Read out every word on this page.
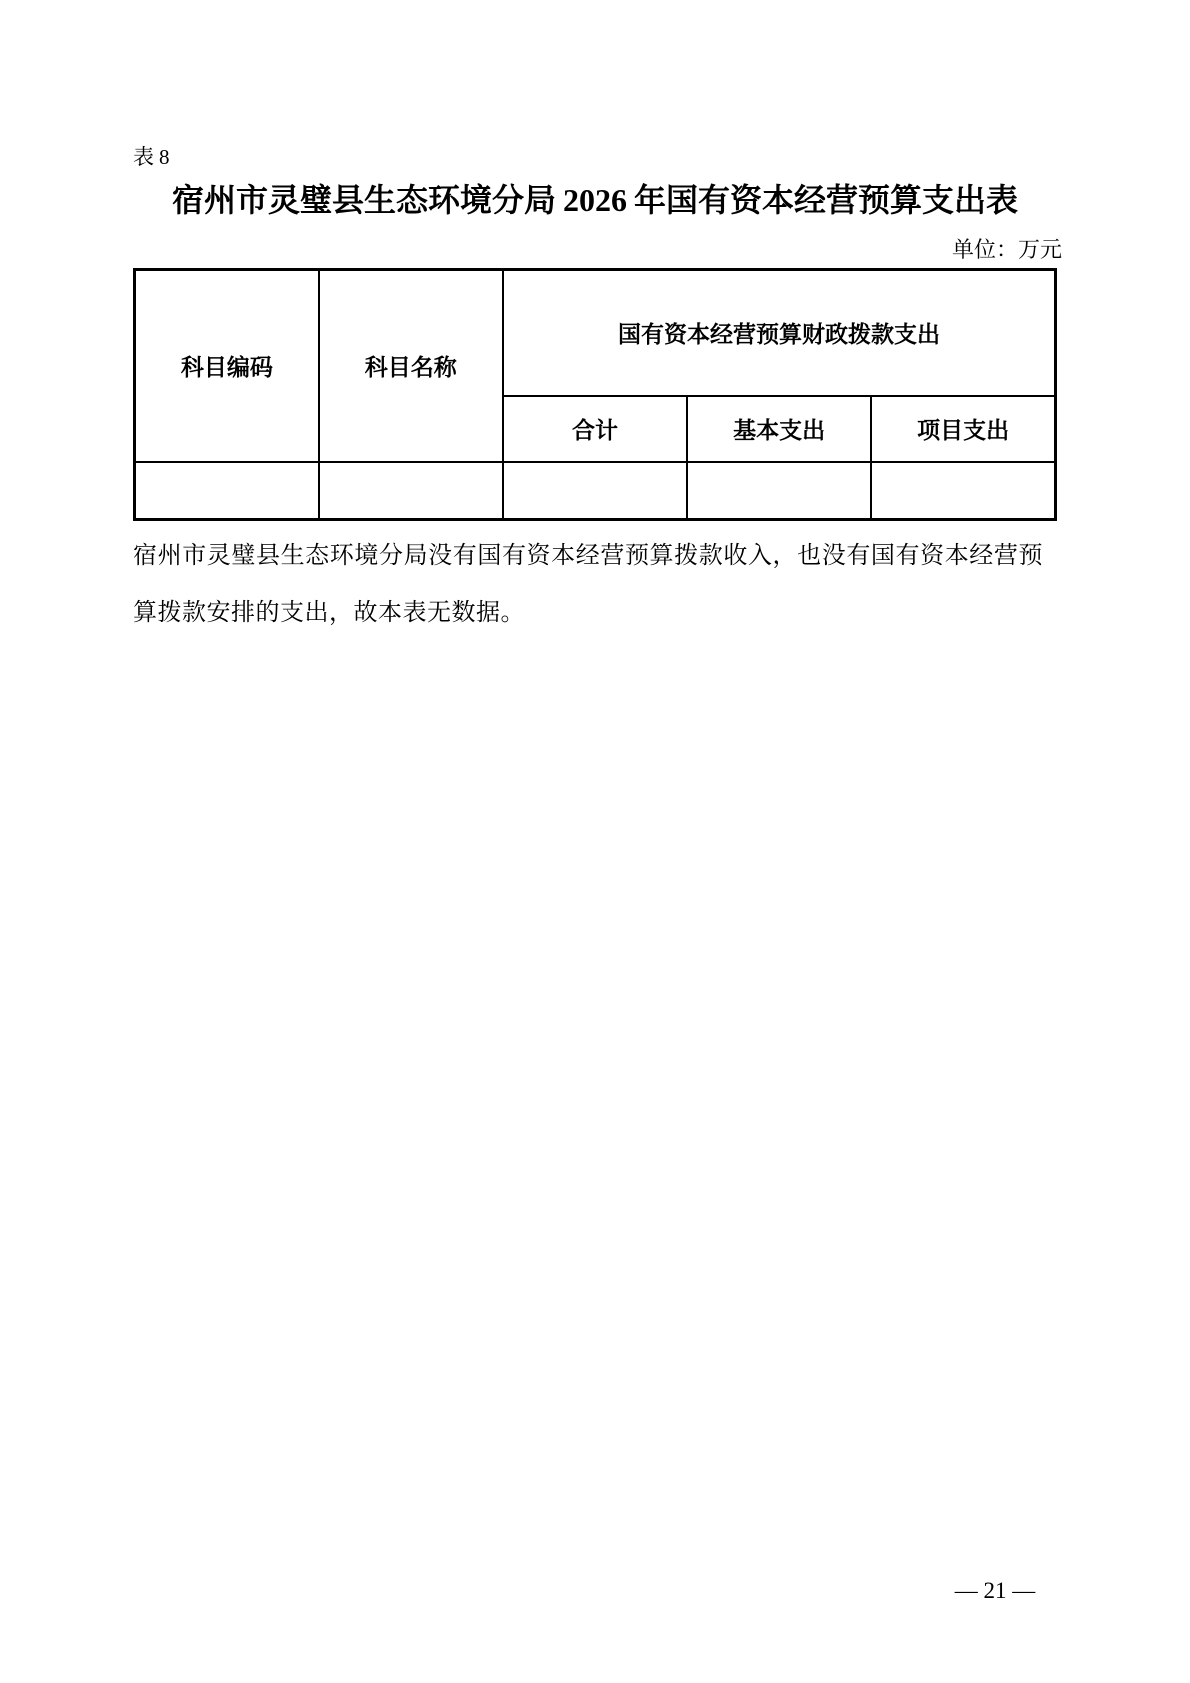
表 8
宿州市灵璧县生态环境分局 2026 年国有资本经营预算支出表
单位：万元
科目编码	科目名称	国有资本经营预算财政拨款支出		
		合计	基本支出	项目支出

宿州市灵璧县生态环境分局没有国有资本经营预算拨款收入，也没有国有资本经营预算拨款安排的支出，故本表无数据。

— 21 —
